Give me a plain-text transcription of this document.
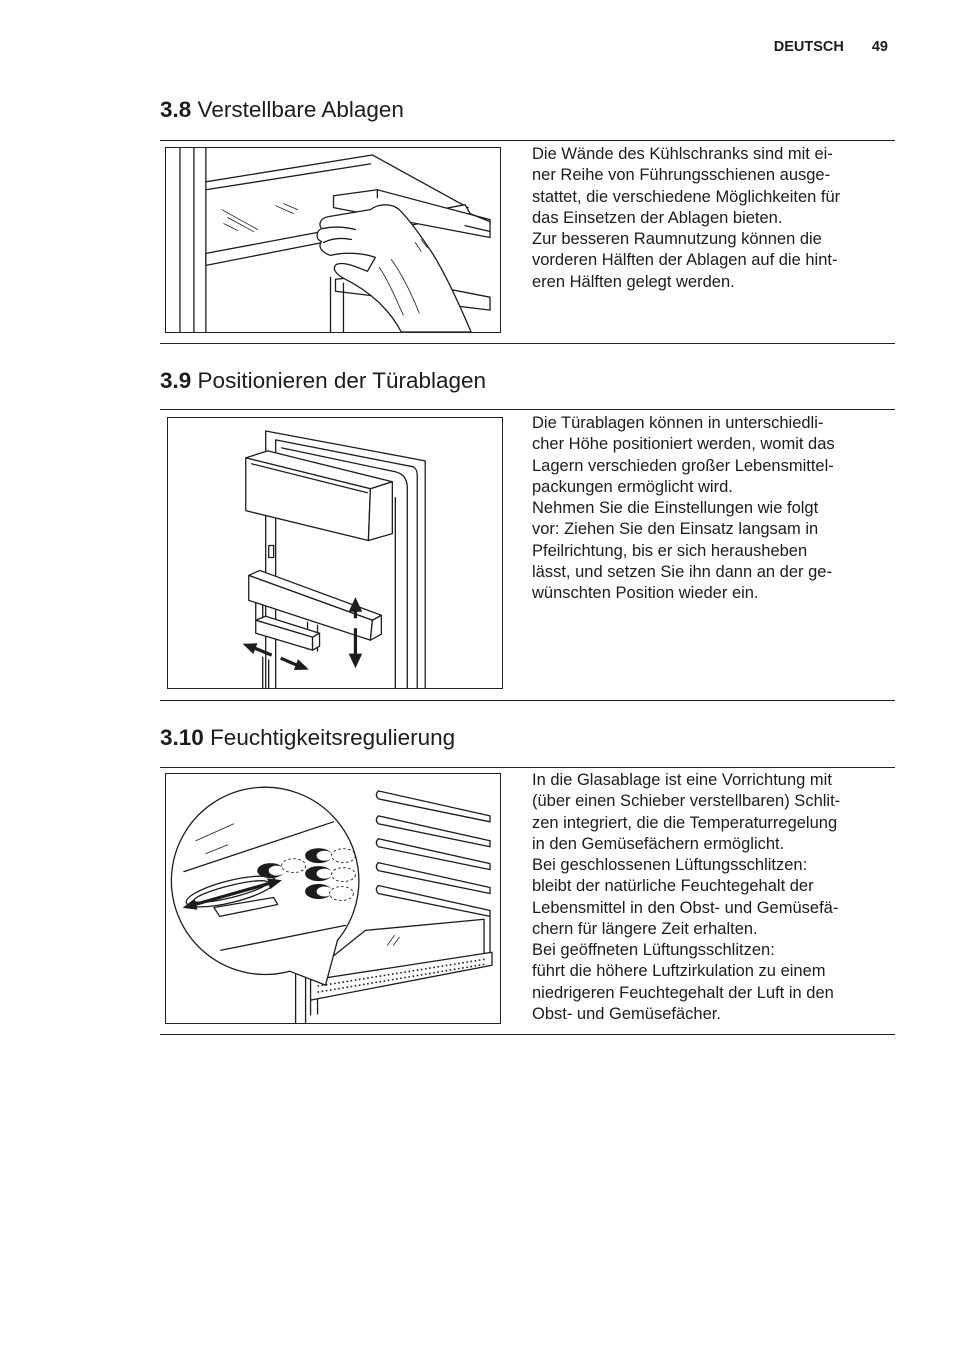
DEUTSCH 49
3.8 Verstellbare Ablagen
Die Wände des Kühlschranks sind mit ei-
ner Reihe von Führungsschienen ausge-
stattet, die verschiedene Möglichkeiten für
das Einsetzen der Ablagen bieten.
Zur besseren Raumnutzung können die
vorderen Hälften der Ablagen auf die hint-
eren Hälften gelegt werden.
3.9 Positionieren der Türablagen
Die Türablagen können in unterschiedli-
cher Höhe positioniert werden, womit das
Lagern verschieden großer Lebensmittel-
packungen ermöglicht wird.
Nehmen Sie die Einstellungen wie folgt
vor: Ziehen Sie den Einsatz langsam in
Pfeilrichtung, bis er sich herausheben
lässt, und setzen Sie ihn dann an der ge-
wünschten Position wieder ein.
3.10 Feuchtigkeitsregulierung
In die Glasablage ist eine Vorrichtung mit
(über einen Schieber verstellbaren) Schlit-
zen integriert, die die Temperaturregelung
in den Gemüsefächern ermöglicht.
Bei geschlossenen Lüftungsschlitzen:
bleibt der natürliche Feuchtegehalt der
Lebensmittel in den Obst- und Gemüsefä-
chern für längere Zeit erhalten.
Bei geöffneten Lüftungsschlitzen:
führt die höhere Luftzirkulation zu einem
niedrigeren Feuchtegehalt der Luft in den
Obst- und Gemüsefächer.
